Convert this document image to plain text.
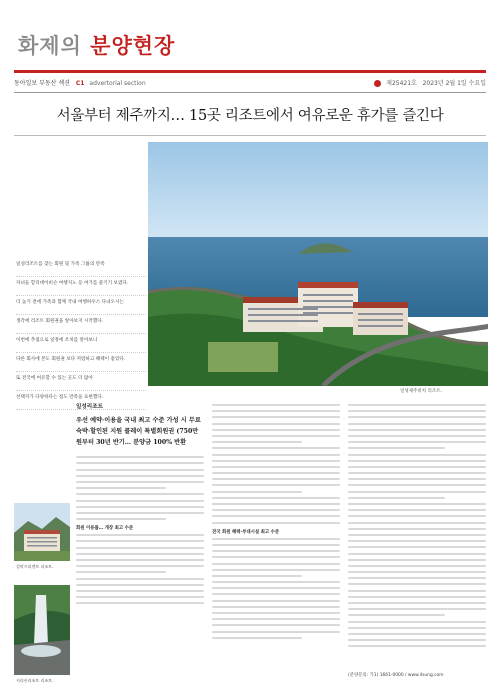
화제의 분양현장
동아일보 부동산 섹션 C1 advertorial section	제25421호 2023년 2월 1일 수요일
서울부터 제주까지… 15곳 리조트에서 여유로운 휴가를 즐긴다
일성제주비치 리조트.
일성리조트를 찾는 회원 및 가족 그룹의 만족
자녀들 할리데이비슨 여행지노 등 여가를 즐기기 보였다.
더 높기 전에 가족과 함께 국내 여행하우스 다녀오시는
생각에 리조트 회원권을 알아보지 시작했다.
이번에 추첨으로 일정에 조치를 알아보니
다른 회사에 본도 회원권 보다 저렴하고 혜택이 좋았다.
또 전국에 여유할 수 있는 곳도 더 많아
선택지가 다양하다는 점도 만족을 표현했다.
설악프리젠트 리조트.
지리산리조트 리조트.
일성리조트
우선 예약·이용을 국내 최고 수준 가성 시 무료 숙박·할인된 지원 콜레이 특별회원권 (750만 원부터 30년 반기… 분양금 100% 반환
회원 이용률… 개장 최고 수준
전국 회원 혜택·부대시설 최고 수준
(분양문의: 가1) 1661-0000 / www.ilsung.com
